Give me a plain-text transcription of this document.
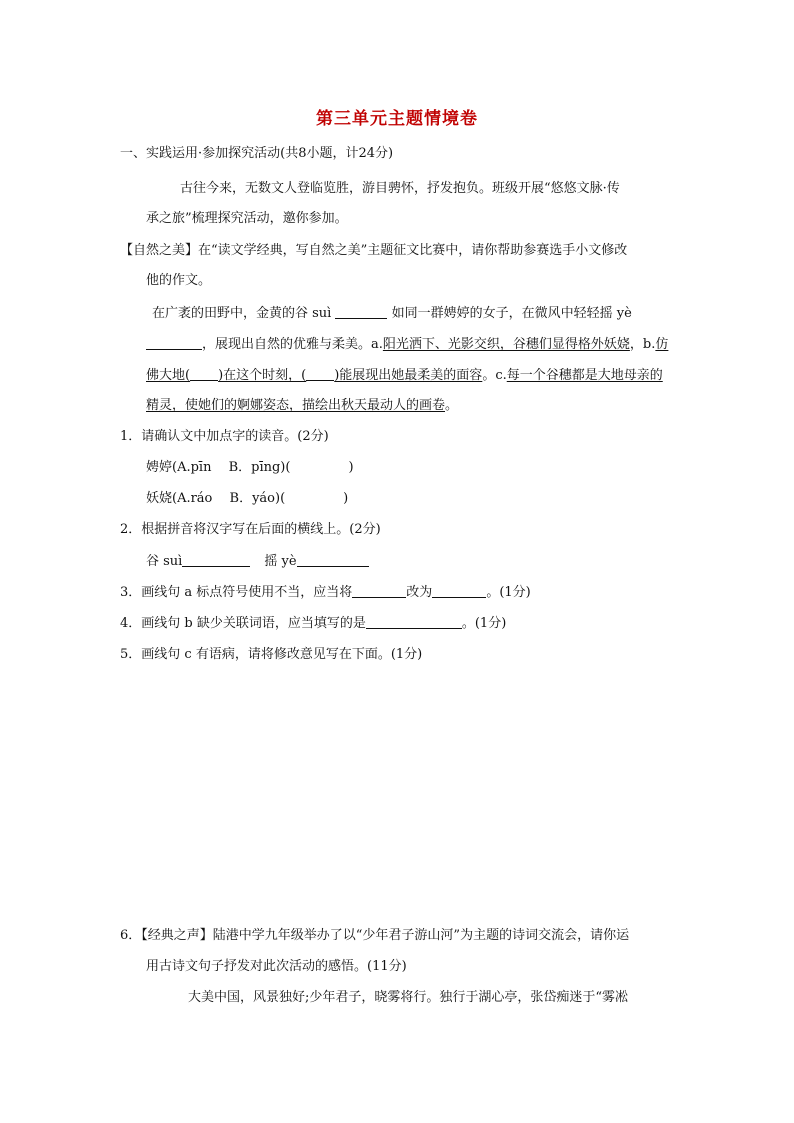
第三单元主题情境卷
一、实践运用·参加探究活动(共8小题，计24分)
古往今来，无数文人登临览胜，游目骋怀，抒发抱负。班级开展“悠悠文脉·传
承之旅”梳理探究活动，邀你参加。
【自然之美】在“读文学经典，写自然之美”主题征文比赛中，请你帮助参赛选手小文修改
他的作文。
在广袤的田野中，金黄的谷 suì	如同一群娉婷的女子，在微风中轻轻摇 yè
，展现出自然的优雅与柔美。a.阳光洒下、光影交织，谷穗们显得格外妖娆，b.仿
佛大地( )在这个时刻，( )能展现出她最柔美的面容。c.每一个谷穗都是大地母亲的
精灵，使她们的婀娜姿态，描绘出秋天最动人的画卷。
1．请确认文中加点字的读音。(2分)
娉婷(A.pīn　 B．pīng)(	)
妖娆(A.ráo　 B．yáo)(	)
2．根据拼音将汉字写在后面的横线上。(2分)
谷 suì	摇 yè
3．画线句 a 标点符号使用不当，应当将	改为	。(1分)
4．画线句 b 缺少关联词语，应当填写的是	。(1分)
5．画线句 c 有语病，请将修改意见写在下面。(1分)
6．【经典之声】陆港中学九年级举办了以“少年君子游山河”为主题的诗词交流会，请你运
用古诗文句子抒发对此次活动的感悟。(11分)
大美中国，风景独好;少年君子，晓雾将行。独行于湖心亭，张岱痴迷于“雾凇
